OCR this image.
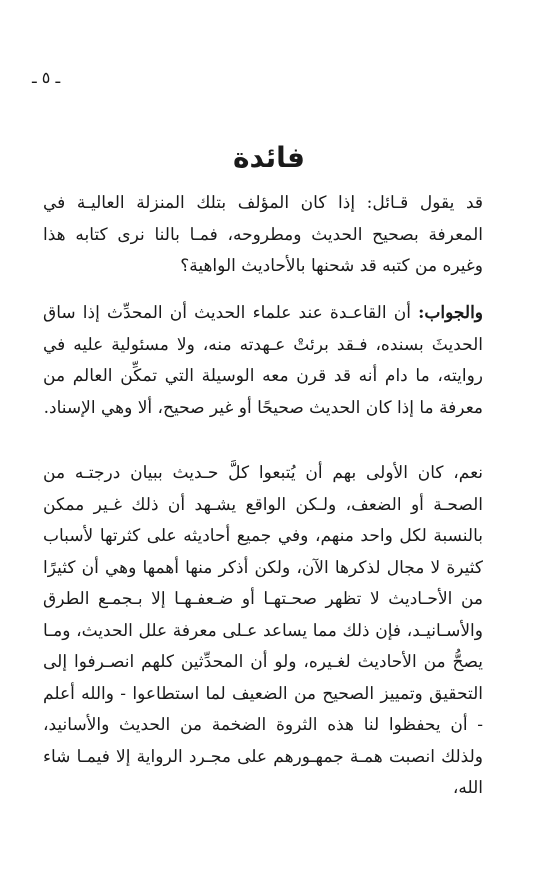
ـ ٥ ـ
فائدة

قد يقول قـائل: إذا كان المؤلف بتلك المنزلة العاليـة في المعرفة بصحيح الحديث ومطروحه، فمـا بالنا نرى كتابه هذا وغيره من كتبه قد شحنها بالأحاديث الواهية؟

والجواب: أن القاعـدة عند علماء الحديث أن المحدِّث إذا ساق الحديثَ بسنده، فـقد برئتْ عـهدته منه، ولا مسئولية عليه في روايته، ما دام أنه قد قرن معه الوسيلة التي تمكِّن العالم من معرفة ما إذا كان الحديث صحيحًا أو غير صحيح، ألا وهي الإسناد.

نعم، كان الأولى بهم أن يُتبعوا كلَّ حـديث ببيان درجتـه من الصحـة أو الضعف، ولـكن الواقع يشـهد أن ذلك غـير ممكن بالنسبة لكل واحد منهم، وفي جميع أحاديثه على كثرتها لأسباب كثيرة لا مجال لذكرها الآن، ولكن أذكر منها أهمها وهي أن كثيرًا من الأحـاديث لا تظهر صحـتهـا أو ضـعفـهـا إلا بـجمـع الطرق والأسـانيـد، فإن ذلك مما يساعد عـلى معرفة علل الحديث، ومـا يصحُّ من الأحاديث لغـيره، ولو أن المحدِّثين كلهم انصـرفوا إلى التحقيق وتمييز الصحيح من الضعيف لما استطاعوا - والله أعلم - أن يحفظوا لنا هذه الثروة الضخمة من الحديث والأسانيد، ولذلك انصبت همـة جمهـورهم على مجـرد الرواية إلا فيمـا شاء الله،
